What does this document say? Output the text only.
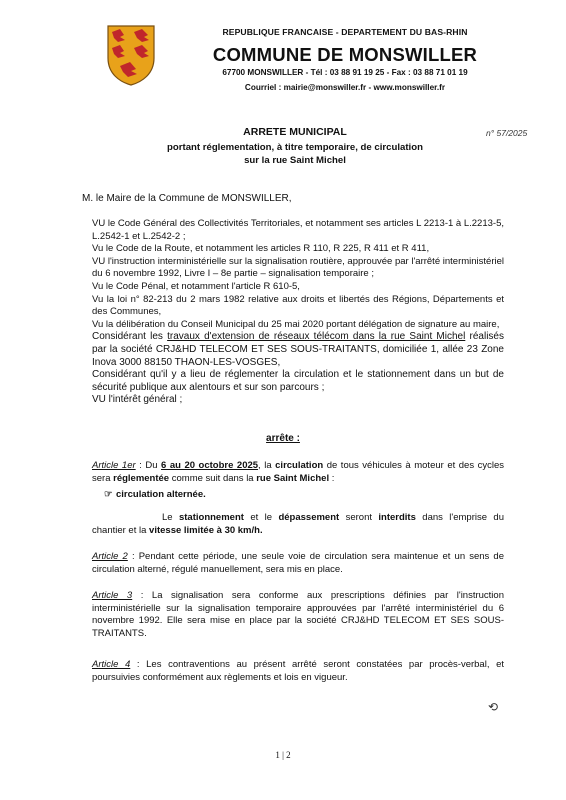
REPUBLIQUE FRANCAISE - DEPARTEMENT DU BAS-RHIN
COMMUNE DE MONSWILLER
67700 MONSWILLER - Tél : 03 88 91 19 25 - Fax : 03 88 71 01 19
Courriel : mairie@monswiller.fr - www.monswiller.fr
ARRETE MUNICIPAL
portant réglementation, à titre temporaire, de circulation
sur la rue Saint Michel
n° 57/2025
M. le Maire de la Commune de MONSWILLER,

VU le Code Général des Collectivités Territoriales, et notamment ses articles L 2213-1 à L.2213-5, L.2542-1 et L.2542-2 ;

Vu le Code de la Route, et notamment les articles R 110, R 225, R 411 et R 411,

VU l'instruction interministérielle sur la signalisation routière, approuvée par l'arrêté interministériel du 6 novembre 1992, Livre I – 8e partie – signalisation temporaire ;

Vu le Code Pénal, et notamment l'article R 610-5,

Vu la loi n° 82-213 du 2 mars 1982 relative aux droits et libertés des Régions, Départements et des Communes,

Vu la délibération du Conseil Municipal du 25 mai 2020 portant délégation de signature au maire,

Considérant les travaux d'extension de réseaux télécom dans la rue Saint Michel réalisés par la société CRJ&HD TELECOM ET SES SOUS-TRAITANTS, domiciliée 1, allée 23 Zone Inova 3000 88150 THAON-LES-VOSGES,

Considérant qu'il y a lieu de réglementer la circulation et le stationnement dans un but de sécurité publique aux alentours et sur son parcours ;

VU l'intérêt général ;

arrête :

Article 1er : Du 6 au 20 octobre 2025, la circulation de tous véhicules à moteur et des cycles sera réglementée comme suit dans la rue Saint Michel :

☞ circulation alternée.
Le stationnement et le dépassement seront interdits dans l'emprise du chantier et la vitesse limitée à 30 km/h.

Article 2 : Pendant cette période, une seule voie de circulation sera maintenue et un sens de circulation alterné, régulé manuellement, sera mis en place.

Article 3 : La signalisation sera conforme aux prescriptions définies par l'instruction interministérielle sur la signalisation temporaire approuvées par l'arrêté interministériel du 6 novembre 1992. Elle sera mise en place par la société CRJ&HD TELECOM ET SES SOUS-TRAITANTS.

Article 4 : Les contraventions au présent arrêté seront constatées par procès-verbal, et poursuivies conformément aux règlements et lois en vigueur.

⟲
1 | 2
